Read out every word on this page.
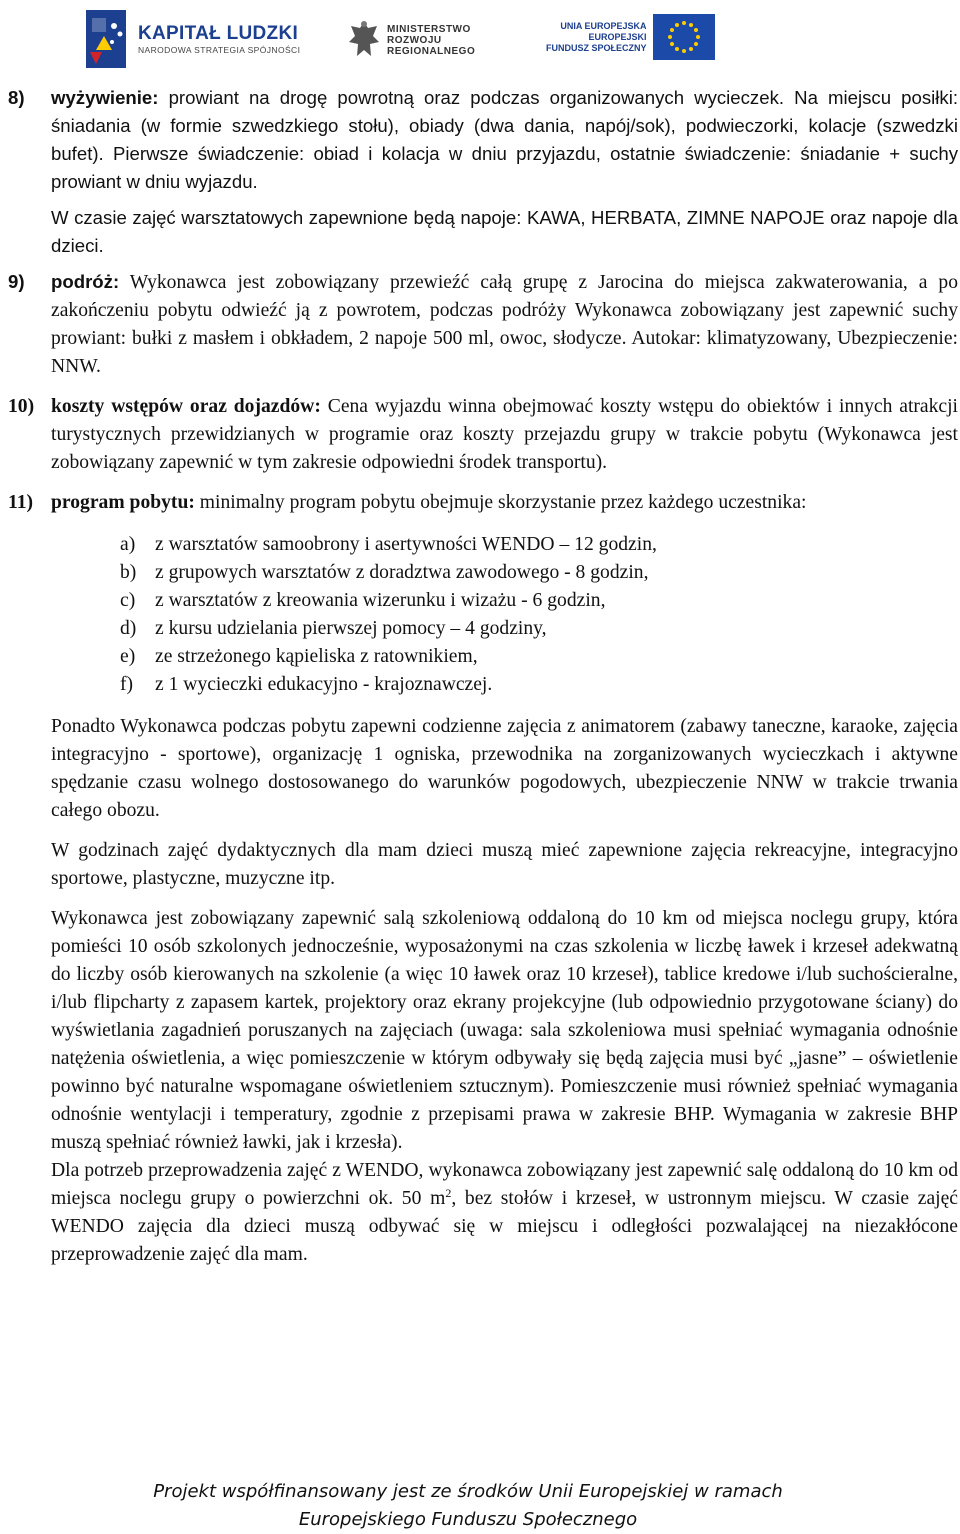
KAPITAŁ LUDZKI
NARODOWA STRATEGIA SPÓJNOŚCI
MINISTERSTWO
ROZWOJU
REGIONALNEGO
UNIA EUROPEJSKA
EUROPEJSKI
FUNDUSZ SPOŁECZNY
8) wyżywienie: prowiant na drogę powrotną oraz podczas organizowanych wycieczek. Na miejscu posiłki: śniadania (w formie szwedzkiego stołu), obiady (dwa dania, napój/sok), podwieczorki, kolacje (szwedzki bufet). Pierwsze świadczenie: obiad i kolacja w dniu przyjazdu, ostatnie świadczenie: śniadanie + suchy prowiant w dniu wyjazdu.

W czasie zajęć warsztatowych zapewnione będą napoje: KAWA, HERBATA, ZIMNE NAPOJE oraz napoje dla dzieci.

9) podróż: Wykonawca jest zobowiązany przewieźć całą grupę z Jarocina do miejsca zakwaterowania, a po zakończeniu pobytu odwieźć ją z powrotem, podczas podróży Wykonawca zobowiązany jest zapewnić suchy prowiant: bułki z masłem i obkładem, 2 napoje 500 ml, owoc, słodycze. Autokar: klimatyzowany, Ubezpieczenie: NNW.

10) koszty wstępów oraz dojazdów: Cena wyjazdu winna obejmować koszty wstępu do obiektów i innych atrakcji turystycznych przewidzianych w programie oraz koszty przejazdu grupy w trakcie pobytu (Wykonawca jest zobowiązany zapewnić w tym zakresie odpowiedni środek transportu).

11) program pobytu: minimalny program pobytu obejmuje skorzystanie przez każdego uczestnika:

a) z warsztatów samoobrony i asertywności WENDO – 12 godzin,
b) z grupowych warsztatów z doradztwa zawodowego - 8 godzin,
c) z warsztatów z kreowania wizerunku i wizażu - 6 godzin,
d) z kursu udzielania pierwszej pomocy – 4 godziny,
e) ze strzeżonego kąpieliska z ratownikiem,
f) z 1 wycieczki edukacyjno - krajoznawczej.

Ponadto Wykonawca podczas pobytu zapewni codzienne zajęcia z animatorem (zabawy taneczne, karaoke, zajęcia integracyjno - sportowe), organizację 1 ogniska, przewodnika na zorganizowanych wycieczkach i aktywne spędzanie czasu wolnego dostosowanego do warunków pogodowych, ubezpieczenie NNW w trakcie trwania całego obozu.

W godzinach zajęć dydaktycznych dla mam dzieci muszą mieć zapewnione zajęcia rekreacyjne, integracyjno sportowe, plastyczne, muzyczne itp.

Wykonawca jest zobowiązany zapewnić salą szkoleniową oddaloną do 10 km od miejsca noclegu grupy, która pomieści 10 osób szkolonych jednocześnie, wyposażonymi na czas szkolenia w liczbę ławek i krzeseł adekwatną do liczby osób kierowanych na szkolenie (a więc 10 ławek oraz 10 krzeseł), tablice kredowe i/lub suchościeralne, i/lub flipcharty z zapasem kartek, projektory oraz ekrany projekcyjne (lub odpowiednio przygotowane ściany) do wyświetlania zagadnień poruszanych na zajęciach (uwaga: sala szkoleniowa musi spełniać wymagania odnośnie natężenia oświetlenia, a więc pomieszczenie w którym odbywały się będą zajęcia musi być „jasne” – oświetlenie powinno być naturalne wspomagane oświetleniem sztucznym). Pomieszczenie musi również spełniać wymagania odnośnie wentylacji i temperatury, zgodnie z przepisami prawa w zakresie BHP. Wymagania w zakresie BHP muszą spełniać również ławki, jak i krzesła).

Dla potrzeb przeprowadzenia zajęć z WENDO, wykonawca zobowiązany jest zapewnić salę oddaloną do 10 km od miejsca noclegu grupy o powierzchni ok. 50 $m^2$, bez stołów i krzeseł, w ustronnym miejscu. W czasie zajęć WENDO zajęcia dla dzieci muszą odbywać się w miejscu i odległości pozwalającej na niezakłócone przeprowadzenie zajęć dla mam.

Projekt współfinansowany jest ze środków Unii Europejskiej w ramach
Europejskiego Funduszu Społecznego
